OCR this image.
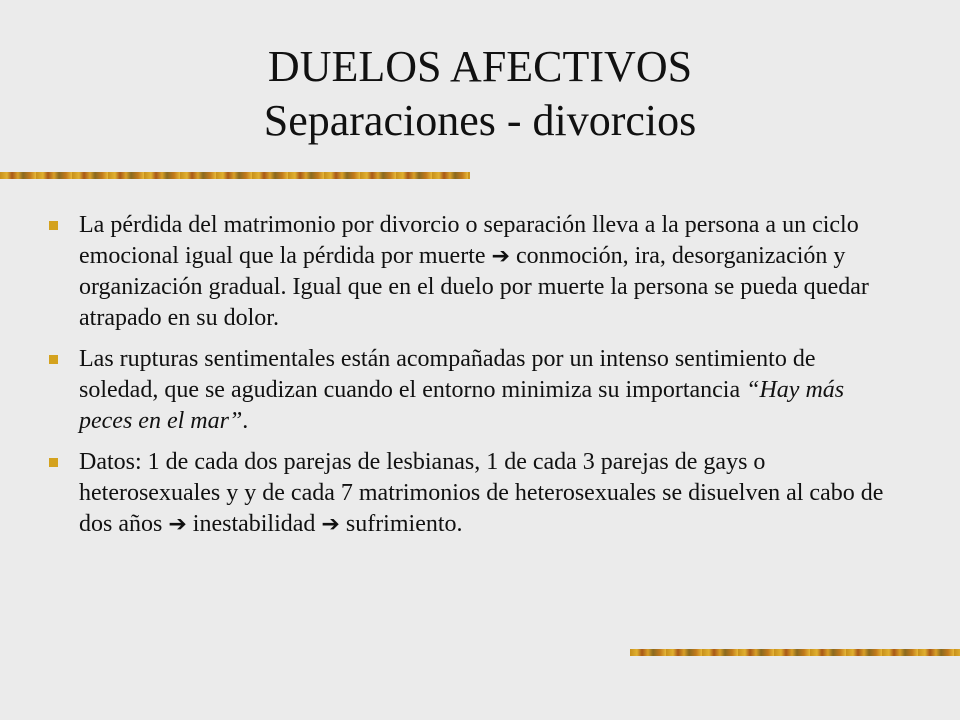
DUELOS AFECTIVOS
Separaciones - divorcios
La pérdida del matrimonio por divorcio o separación lleva a la persona a un ciclo emocional igual que la pérdida por muerte ➔ conmoción, ira, desorganización y organización gradual. Igual que en el duelo por muerte la persona se pueda quedar atrapado en su dolor.
Las rupturas sentimentales están acompañadas por un intenso sentimiento de soledad, que se agudizan cuando el entorno minimiza su importancia “Hay más peces en el mar”.
Datos: 1 de cada dos parejas de lesbianas, 1 de cada 3 parejas de gays o heterosexuales y y de cada 7 matrimonios de heterosexuales se disuelven al cabo de dos años ➔ inestabilidad ➔ sufrimiento.
